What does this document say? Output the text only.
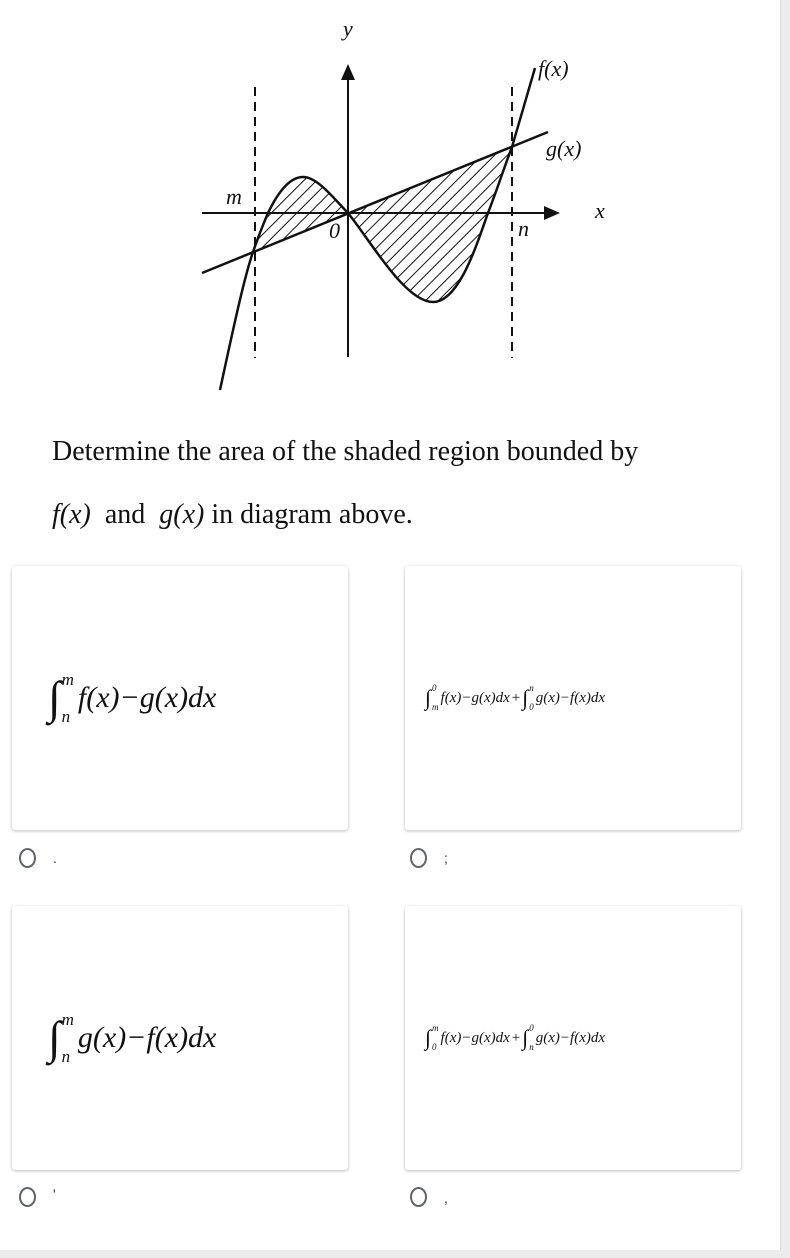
y
x
f(x)
g(x)
m
0	n
Determine the area of the shaded region bounded by
f(x) and g(x) in diagram above.
∫ m
n
f(x)−g(x)dx
.
∫ 0
m
f(x)−g(x)dx + ∫ n
0
g(x)−f(x)dx
;
∫ m
n
g(x)−f(x)dx
'
∫ m
0
f(x)−g(x)dx + ∫ 0
n
g(x)−f(x)dx
,
